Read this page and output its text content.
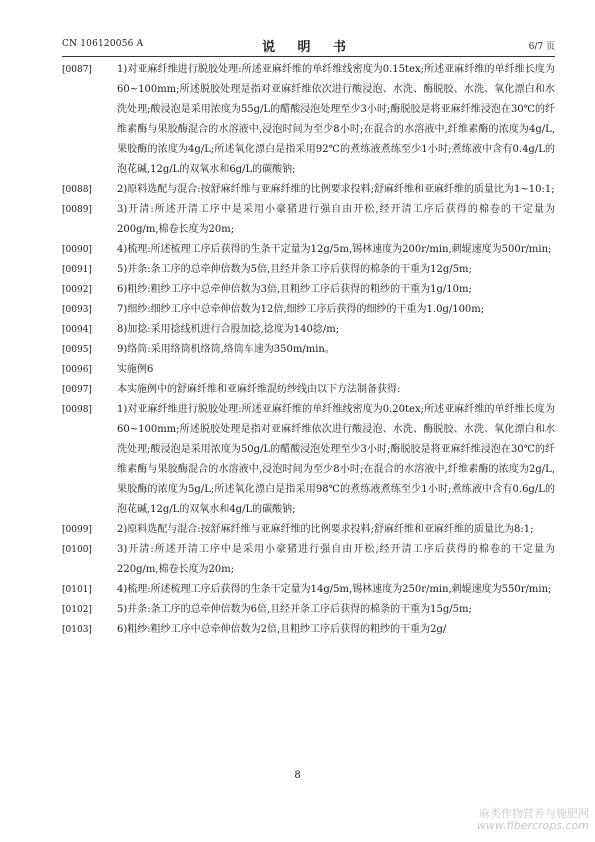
CN 106120056 A	说 明 书	6/7 页
[0087]	1)对亚麻纤维进行脱胶处理:所述亚麻纤维的单纤维线密度为0.15tex;所述亚麻纤维的单纤维长度为60~100mm;所述脱胶处理是指对亚麻纤维依次进行酸浸泡、水洗、酶脱胶、水洗、氧化漂白和水洗处理;酸浸泡是采用浓度为55g/L的醋酸浸泡处理至少3小时;酶脱胶是将亚麻纤维浸泡在30℃的纤维素酶与果胶酶混合的水溶液中,浸泡时间为至少8小时;在混合的水溶液中,纤维素酶的浓度为4g/L,果胶酶的浓度为4g/L;所述氧化漂白是指采用92℃的煮练液煮练至少1小时;煮练液中含有0.4g/L的泡花碱,12g/L的双氧水和6g/L的碳酸钠;
[0088]	2)原料选配与混合:按舒麻纤维与亚麻纤维的比例要求投料;舒麻纤维和亚麻纤维的质量比为1~10:1;
[0089]	3)开清:所述开清工序中是采用小豪猪进行强自由开松,经开清工序后获得的棉卷的干定量为200g/m,棉卷长度为20m;
[0090]	4)梳理:所述梳理工序后获得的生条干定量为12g/5m,锡林速度为200r/min,刺辊速度为500r/min;
[0091]	5)并条:条工序的总牵伸倍数为5倍,且经并条工序后获得的棉条的干重为12g/5m;
[0092]	6)粗纱:粗纱工序中总牵伸倍数为3倍,且粗纱工序后获得的粗纱的干重为1g/10m;
[0093]	7)细纱:细纱工序中总牵伸倍数为12倍,细纱工序后获得的细纱的干重为1.0g/100m;
[0094]	8)加捻:采用捻线机进行合股加捻,捻度为140捻/m;
[0095]	9)络筒:采用络筒机络筒,络筒车速为350m/min。
[0096]	实施例6
[0097]	本实施例中的舒麻纤维和亚麻纤维混纺纱线由以下方法制备获得:
[0098]	1)对亚麻纤维进行脱胶处理:所述亚麻纤维的单纤维线密度为0.20tex;所述亚麻纤维的单纤维长度为60~100mm;所述脱胶处理是指对亚麻纤维依次进行酸浸泡、水洗、酶脱胶、水洗、氧化漂白和水洗处理;酸浸泡是采用浓度为50g/L的醋酸浸泡处理至少3小时;酶脱胶是将亚麻纤维浸泡在30℃的纤维素酶与果胶酶混合的水溶液中,浸泡时间为至少8小时;在混合的水溶液中,纤维素酶的浓度为2g/L,果胶酶的浓度为5g/L;所述氧化漂白是指采用98℃的煮练液煮练至少1小时;煮练液中含有0.6g/L的泡花碱,12g/L的双氧水和4g/L的碳酸钠;
[0099]	2)原料选配与混合:按舒麻纤维与亚麻纤维的比例要求投料;舒麻纤维和亚麻纤维的质量比为8:1;
[0100]	3)开清:所述开清工序中是采用小豪猪进行强自由开松,经开清工序后获得的棉卷的干定量为220g/m,棉卷长度为20m;
[0101]	4)梳理:所述梳理工序后获得的生条干定量为14g/5m,锡林速度为250r/min,刺辊速度为550r/min;
[0102]	5)并条:条工序的总牵伸倍数为6倍,且经并条工序后获得的棉条的干重为15g/5m;
[0103]	6)粗纱:粗纱工序中总牵伸倍数为2倍,且粗纱工序后获得的粗纱的干重为2g/
8
麻类作物营养与施肥网
www.fibercrops.com
